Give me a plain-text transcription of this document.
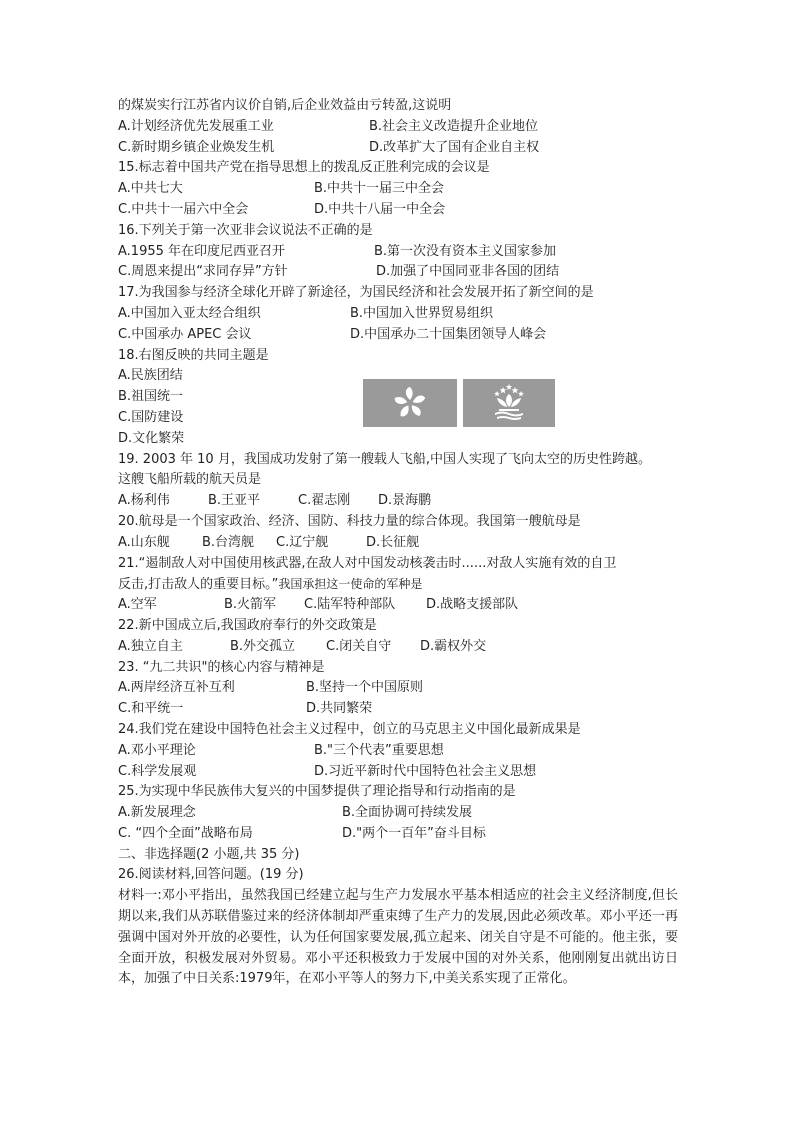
的煤炭实行江苏省内议价自销,后企业效益由亏转盈,这说明
A.计划经济优先发展重工业	B.社会主义改造提升企业地位
C.新时期乡镇企业焕发生机	D.改革扩大了国有企业自主权
15.标志着中国共产党在指导思想上的拨乱反正胜利完成的会议是
A.中共七大	B.中共十一届三中全会
C.中共十一届六中全会	D.中共十八届一中全会
16.下列关于第一次亚非会议说法不正确的是
A.1955 年在印度尼西亚召开	B.第一次没有资本主义国家参加
C.周恩来提出“求同存异”方针	D.加强了中国同亚非各国的团结
17.为我国参与经济全球化开辟了新途径，为国民经济和社会发展开拓了新空间的是
A.中国加入亚太经合组织	B.中国加入世界贸易组织
C.中国承办 APEC 会议	D.中国承办二十国集团领导人峰会
18.右图反映的共同主题是
A.民族团结
B.祖国统一
C.国防建设
D.文化繁荣
19. 2003 年 10 月，我国成功发射了第一艘载人飞船,中国人实现了飞向太空的历史性跨越。
这艘飞船所载的航天员是
A.杨利伟	B.王亚平	C.翟志刚	D.景海鹏
20.航母是一个国家政治、经济、国防、科技力量的综合体现。我国第一艘航母是
A.山东舰	B.台湾舰	C.辽宁舰	D.长征舰
21.“遏制敌人对中国使用核武器,在敌人对中国发动核袭击时......对敌人实施有效的自卫
反击,打击敌人的重要目标。”我国承担这一使命的军种是
A.空军	B.火箭军	C.陆军特种部队	D.战略支援部队
22.新中国成立后,我国政府奉行的外交政策是
A.独立自主	B.外交孤立	C.闭关自守	D.霸权外交
23. “九二共识"的核心内容与精神是
A.两岸经济互补互利	B.坚持一个中国原则
C.和平统一	D.共同繁荣
24.我们党在建设中国特色社会主义过程中，创立的马克思主义中国化最新成果是
A.邓小平理论	B."三个代表”重要思想
C.科学发展观	D.习近平新时代中国特色社会主义思想
25.为实现中华民族伟大复兴的中国梦提供了理论指导和行动指南的是
A.新发展理念	B.全面协调可持续发展
C. “四个全面”战略布局	D."两个一百年”奋斗目标
二、非选择题(2 小题,共 35 分)
26.阅读材料,回答问题。(19 分)
材料一:邓小平指出，虽然我国已经建立起与生产力发展水平基本相适应的社会主义经济制度,但长期以来,我们从苏联借鉴过来的经济体制却严重束缚了生产力的发展,因此必须改革。邓小平还一再强调中国对外开放的必要性，认为任何国家要发展,孤立起来、闭关自守是不可能的。他主张，要全面开放，积极发展对外贸易。邓小平还积极致力于发展中国的对外关系，他刚刚复出就出访日本，加强了中日关系:1979年，在邓小平等人的努力下,中美关系实现了正常化。
